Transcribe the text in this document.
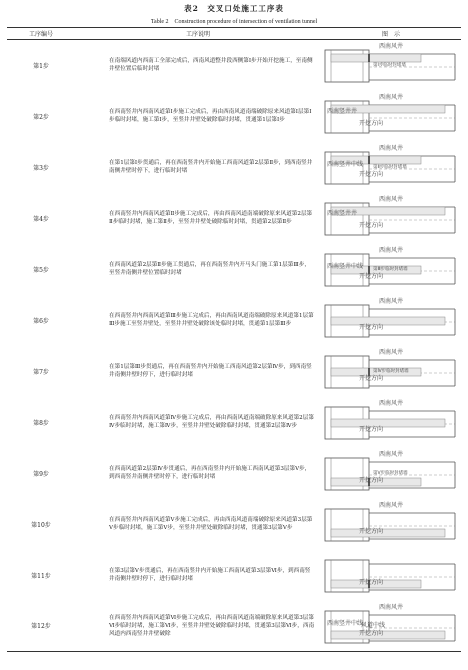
表2　交叉口处施工工序表
Table 2　Construction procedure of intersection of ventilation tunnel
工序编号	工序说明	图　示
第1步	在南端风道内西南工全部完成后，西南风道整井段西侧第Ⅰ步开始开挖施工，至南侧井壁位置后临时封堵	西南风井
第Ⅰ步临时封堵墙

第2步	在西南竖井内西南风道第Ⅰ步施工完成后，再由西南风道南端破除原来风道第Ⅰ层第Ⅰ步临时封堵，施工第Ⅰ步，至竖井井壁处破除临时封堵，贯通第1层第Ⅰ步	西南风井
西南竖井井
开挖方向

第3步	在第1层第Ⅰ步贯通后，再在西南竖井内开始施工西南风道第2层第Ⅱ步，到西南竖井南侧井壁时停下，进行临时封堵	西南风井
西南竖井中线
开挖方向
第Ⅱ步临时封堵墙

第4步	在西南竖井内西南风道第Ⅱ步施工完成后，再由西南风道南端破除原来风道第2层第Ⅱ步临时封堵，施工第Ⅱ步，至竖井井壁处破除临时封堵，贯通第2层第Ⅱ步	西南风井
西南竖井井
开挖方向

第5步	在西南风道第2层第Ⅱ步施工贯通后，再在西南竖井内开马头门施工第1层第Ⅲ步，至竖井南侧井壁位置临时封堵	西南风井
开挖方向
第Ⅲ步临时封堵墙
西南竖井中线

第6步	在西南竖井内西南风道第Ⅲ步施工完成后，再由西南风道南端破除原来风道第1层第Ⅲ步施工至竖井壁处，至竖井井壁处破除该处临时封堵，贯通第1层第Ⅲ步	西南风井
开挖方向

第7步	在第1层第Ⅲ步贯通后，再在西南竖井内开始施工西南风道第2层第Ⅳ步，到西南竖井南侧井壁时停下，进行临时封堵	西南风井
开挖方向
第Ⅳ步临时封堵墙

第8步	在西南竖井内西南风道第Ⅳ步施工完成后，再由西南风道南端破除原来风道第2层第Ⅳ步临时封堵，施工第Ⅳ步，至竖井井壁处破除临时封堵，贯通第2层第Ⅳ步	西南风井
开挖方向

第9步	在西南风道第2层第Ⅳ步贯通后，再在西南竖井内开始施工西南风道第3层第Ⅴ步，到西南竖井南侧井壁时停下，进行临时封堵	西南风井
开挖方向
第Ⅴ步临时封堵墙

第10步	在西南竖井内西南风道第Ⅴ步施工完成后，再由西南风道南端破除原来风道第3层第Ⅴ步临时封堵，施工第Ⅴ步，至竖井井壁处破除临时封堵，贯通第3层第Ⅴ步	西南风井
开挖方向

第11步	在第3层第Ⅴ步贯通后，再在西南竖井内开始施工西南风道第3层第Ⅵ步，到西南竖井南侧井壁时停下，进行临时封堵	开挖方向

第12步	在西南竖井内西南风道第Ⅵ步施工完成后，再由西南风道南端破除原来风道第3层第Ⅵ步临时封堵，施工第Ⅵ步，至竖井井壁处破除临时封堵，贯通第3层第Ⅵ步，西南风道内西南竖井井壁破除	西南风井
西南竖井中线
风道中线
开挖方向
